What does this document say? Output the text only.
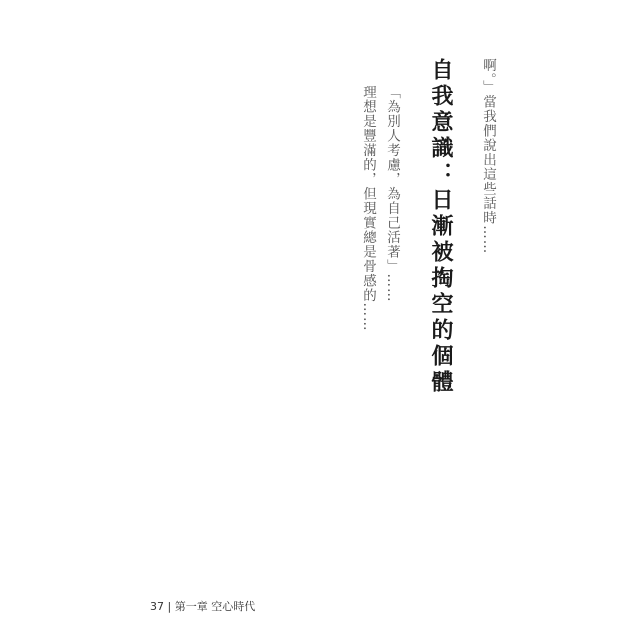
啊。」當我們說出這些話時……
自我意識：日漸被掏空的個體
「為別人考慮，為自己活著」……
理想是豐滿的，但現實總是骨感的……
37 | 第一章 空心時代
